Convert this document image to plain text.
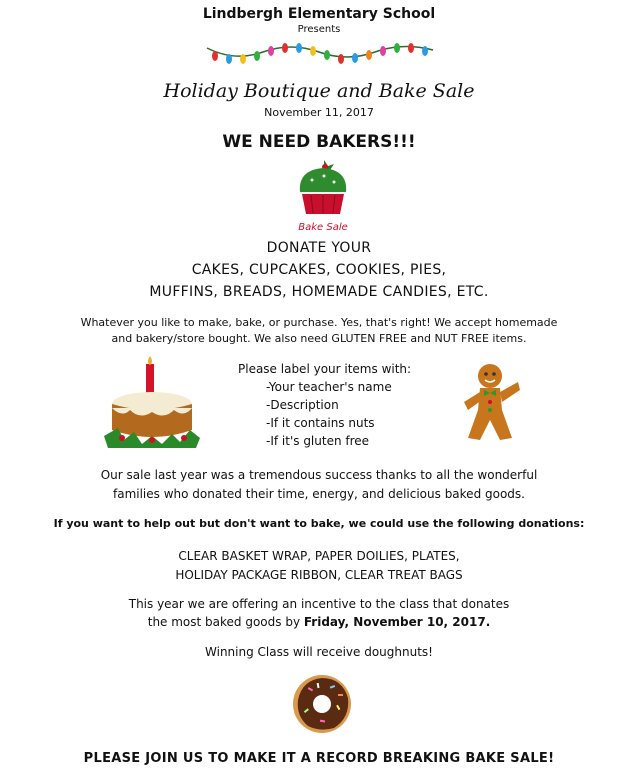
Lindbergh Elementary School
Presents
Holiday Boutique and Bake Sale
November 11, 2017
WE NEED BAKERS!!!
Bake Sale
DONATE YOUR
CAKES, CUPCAKES, COOKIES, PIES,
MUFFINS, BREADS, HOMEMADE CANDIES, ETC.
Whatever you like to make, bake, or purchase. Yes, that's right! We accept homemade
and bakery/store bought. We also need GLUTEN FREE and NUT FREE items.
Please label your items with:
-Your teacher's name
-Description
-If it contains nuts
-If it's gluten free
Our sale last year was a tremendous success thanks to all the wonderful
families who donated their time, energy, and delicious baked goods.
If you want to help out but don't want to bake, we could use the following donations:
CLEAR BASKET WRAP, PAPER DOILIES, PLATES,
HOLIDAY PACKAGE RIBBON, CLEAR TREAT BAGS
This year we are offering an incentive to the class that donates
the most baked goods by Friday, November 10, 2017.
Winning Class will receive doughnuts!
PLEASE JOIN US TO MAKE IT A RECORD BREAKING BAKE SALE!
